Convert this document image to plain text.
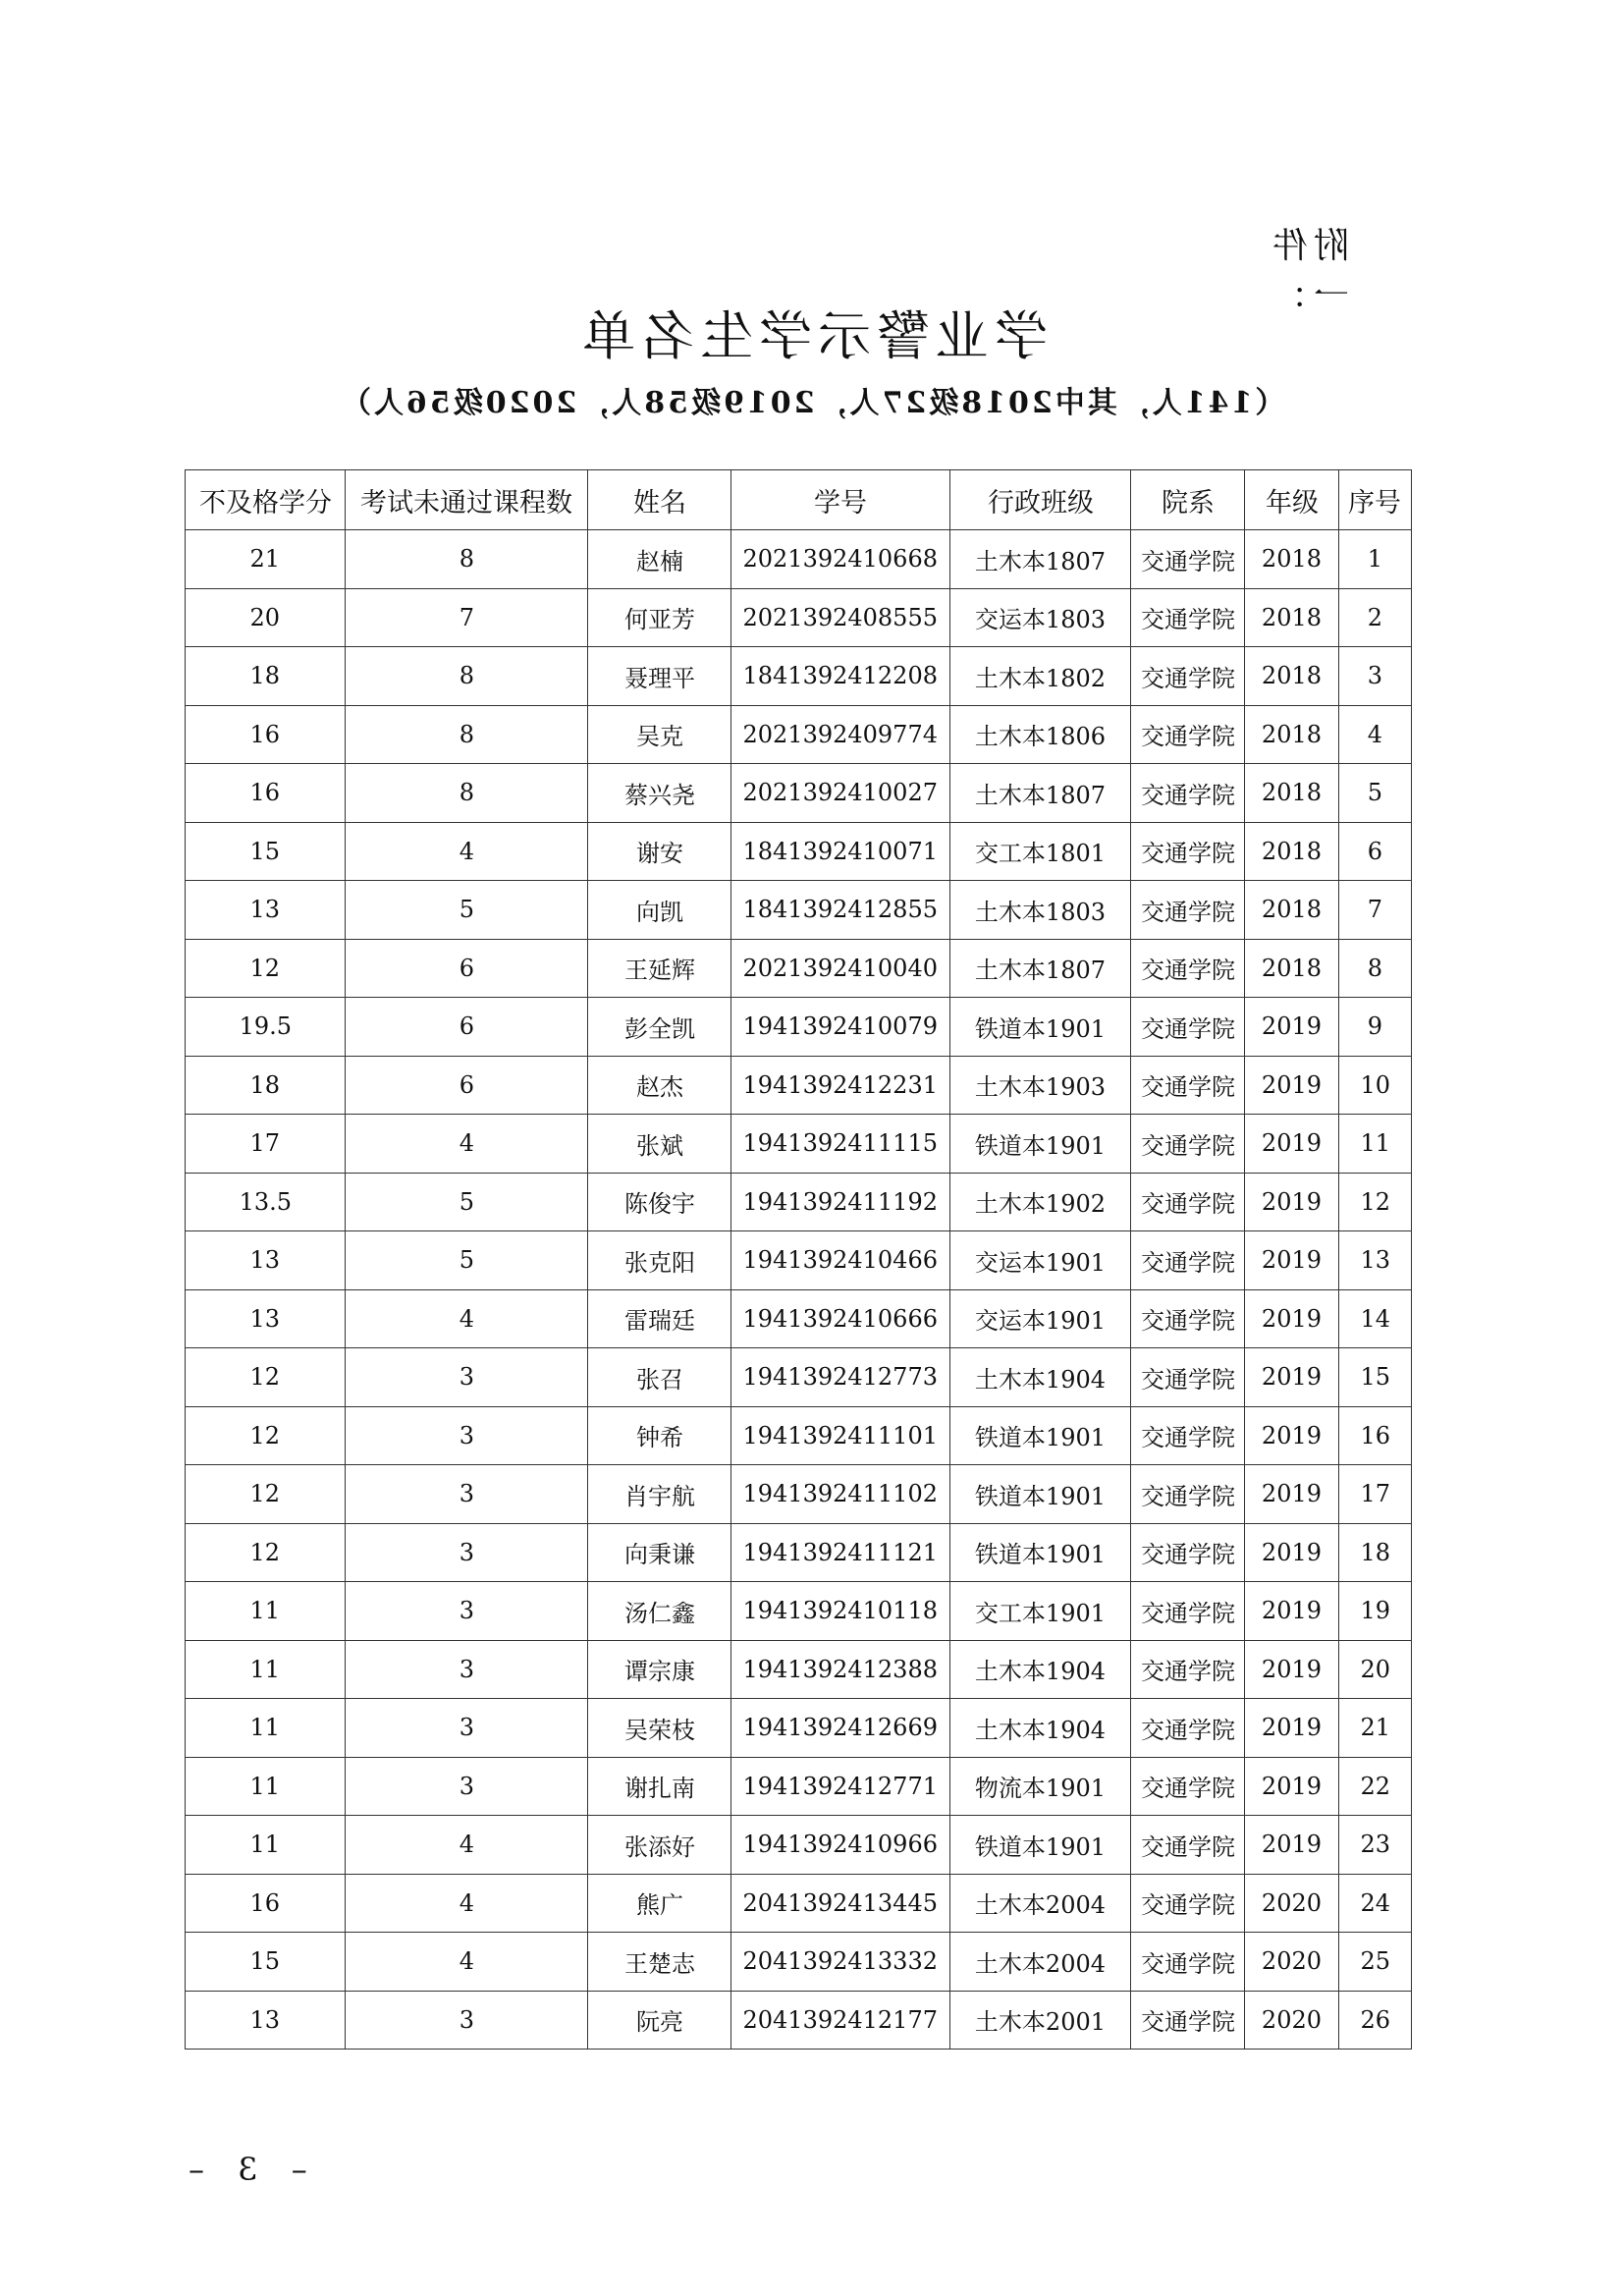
附件一：
学业警示学生名单
（141人，其中2018级27人，2019级58人，2020级56人）
序号	年级	院系	行政班级	学号	姓名	考试未通过课程数	不及格学分
1	2018	交通学院	土木本1807	2021392410668	赵楠	8	21
2	2018	交通学院	交运本1803	2021392408555	何亚芳	7	20
3	2018	交通学院	土木本1802	1841392412208	聂理平	8	18
4	2018	交通学院	土木本1806	2021392409774	吴克	8	16
5	2018	交通学院	土木本1807	2021392410027	蔡兴尧	8	16
6	2018	交通学院	交工本1801	1841392410071	谢安	4	15
7	2018	交通学院	土木本1803	1841392412855	向凯	5	13
8	2018	交通学院	土木本1807	2021392410040	王延辉	6	12
9	2019	交通学院	铁道本1901	1941392410079	彭全凯	6	19.5
10	2019	交通学院	土木本1903	1941392412231	赵杰	6	18
11	2019	交通学院	铁道本1901	1941392411115	张斌	4	17
12	2019	交通学院	土木本1902	1941392411192	陈俊宇	5	13.5
13	2019	交通学院	交运本1901	1941392410466	张克阳	5	13
14	2019	交通学院	交运本1901	1941392410666	雷瑞廷	4	13
15	2019	交通学院	土木本1904	1941392412773	张召	3	12
16	2019	交通学院	铁道本1901	1941392411101	钟希	3	12
17	2019	交通学院	铁道本1901	1941392411102	肖宇航	3	12
18	2019	交通学院	铁道本1901	1941392411121	向秉谦	3	12
19	2019	交通学院	交工本1901	1941392410118	汤仁鑫	3	11
20	2019	交通学院	土木本1904	1941392412388	谭宗康	3	11
21	2019	交通学院	土木本1904	1941392412669	吴荣枝	3	11
22	2019	交通学院	物流本1901	1941392412771	谢扎南	3	11
23	2019	交通学院	铁道本1901	1941392410966	张添好	4	11
24	2020	交通学院	土木本2004	2041392413445	熊广	4	16
25	2020	交通学院	土木本2004	2041392413332	王楚志	4	15
26	2020	交通学院	土木本2001	2041392412177	阮亮	3	13
– 3 –
